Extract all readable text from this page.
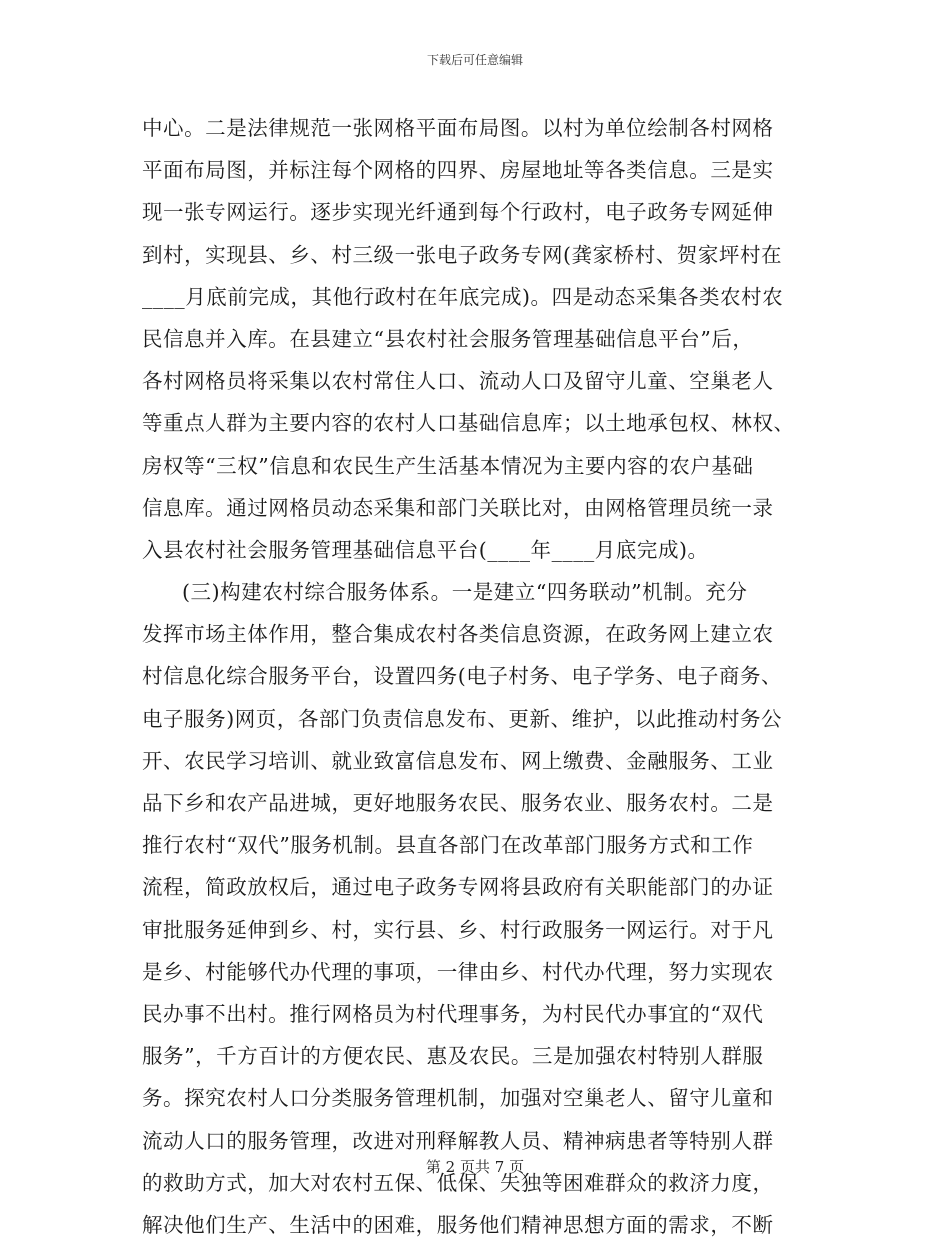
下载后可任意编辑
中心。二是法律规范一张网格平面布局图。以村为单位绘制各村网格
平面布局图，并标注每个网格的四界、房屋地址等各类信息。三是实
现一张专网运行。逐步实现光纤通到每个行政村，电子政务专网延伸
到村，实现县、乡、村三级一张电子政务专网(龚家桥村、贺家坪村在
____月底前完成，其他行政村在年底完成)。四是动态采集各类农村农
民信息并入库。在县建立“县农村社会服务管理基础信息平台”后，
各村网格员将采集以农村常住人口、流动人口及留守儿童、空巢老人
等重点人群为主要内容的农村人口基础信息库；以土地承包权、林权、
房权等“三权”信息和农民生产生活基本情况为主要内容的农户基础
信息库。通过网格员动态采集和部门关联比对，由网格管理员统一录
入县农村社会服务管理基础信息平台(____年____月底完成)。
(三)构建农村综合服务体系。一是建立“四务联动”机制。充分
发挥市场主体作用，整合集成农村各类信息资源，在政务网上建立农
村信息化综合服务平台，设置四务(电子村务、电子学务、电子商务、
电子服务)网页，各部门负责信息发布、更新、维护，以此推动村务公
开、农民学习培训、就业致富信息发布、网上缴费、金融服务、工业
品下乡和农产品进城，更好地服务农民、服务农业、服务农村。二是
推行农村“双代”服务机制。县直各部门在改革部门服务方式和工作
流程，简政放权后，通过电子政务专网将县政府有关职能部门的办证
审批服务延伸到乡、村，实行县、乡、村行政服务一网运行。对于凡
是乡、村能够代办代理的事项，一律由乡、村代办代理，努力实现农
民办事不出村。推行网格员为村代理事务，为村民代办事宜的“双代
服务”，千方百计的方便农民、惠及农民。三是加强农村特别人群服
务。探究农村人口分类服务管理机制，加强对空巢老人、留守儿童和
流动人口的服务管理，改进对刑释解教人员、精神病患者等特别人群
的救助方式，加大对农村五保、低保、失独等困难群众的救济力度，
解决他们生产、生活中的困难，服务他们精神思想方面的需求，不断
第 2 页共 7 页
